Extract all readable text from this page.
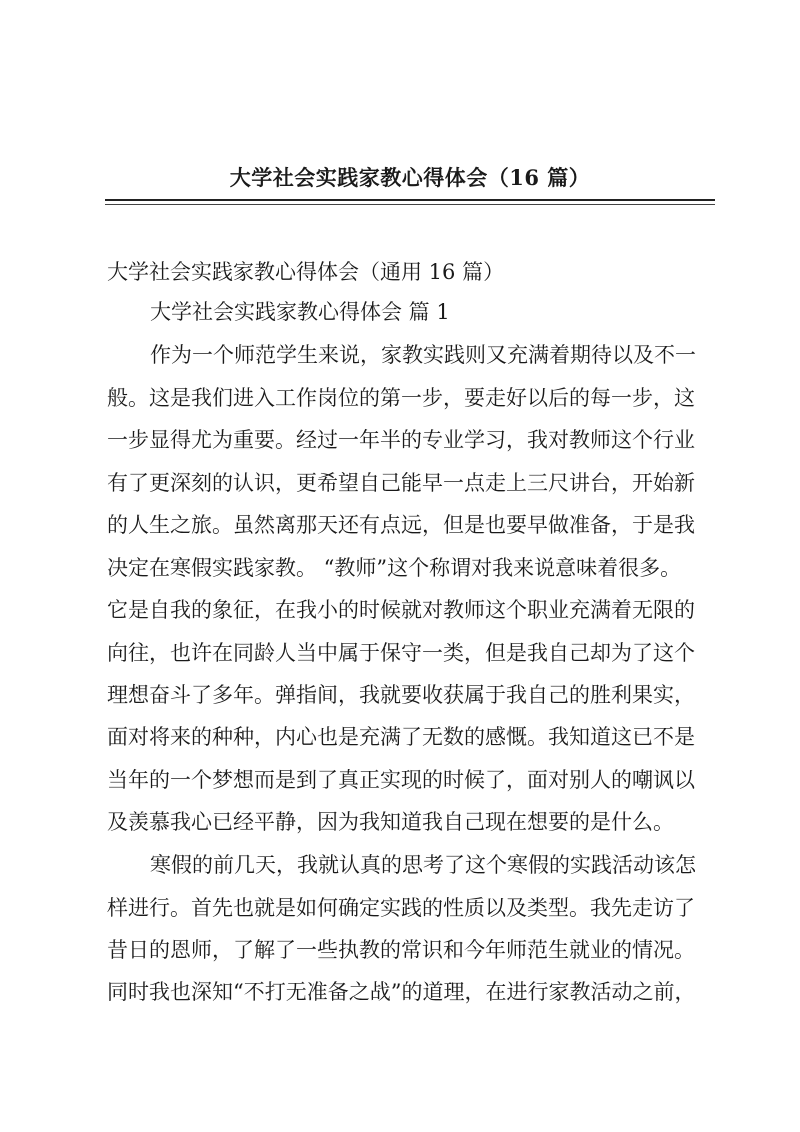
大学社会实践家教心得体会（16 篇）
大学社会实践家教心得体会（通用 16 篇）
大学社会实践家教心得体会 篇 1
作为一个师范学生来说，家教实践则又充满着期待以及不一
般。这是我们进入工作岗位的第一步，要走好以后的每一步，这
一步显得尤为重要。经过一年半的专业学习，我对教师这个行业
有了更深刻的认识，更希望自己能早一点走上三尺讲台，开始新
的人生之旅。虽然离那天还有点远，但是也要早做准备，于是我
决定在寒假实践家教。 “教师”这个称谓对我来说意味着很多。
它是自我的象征，在我小的时候就对教师这个职业充满着无限的
向往，也许在同龄人当中属于保守一类，但是我自己却为了这个
理想奋斗了多年。弹指间，我就要收获属于我自己的胜利果实，
面对将来的种种，内心也是充满了无数的感慨。我知道这已不是
当年的一个梦想而是到了真正实现的时候了，面对别人的嘲讽以
及羡慕我心已经平静，因为我知道我自己现在想要的是什么。
寒假的前几天，我就认真的思考了这个寒假的实践活动该怎
样进行。首先也就是如何确定实践的性质以及类型。我先走访了
昔日的恩师，了解了一些执教的常识和今年师范生就业的情况。
同时我也深知“不打无准备之战”的道理，在进行家教活动之前，
